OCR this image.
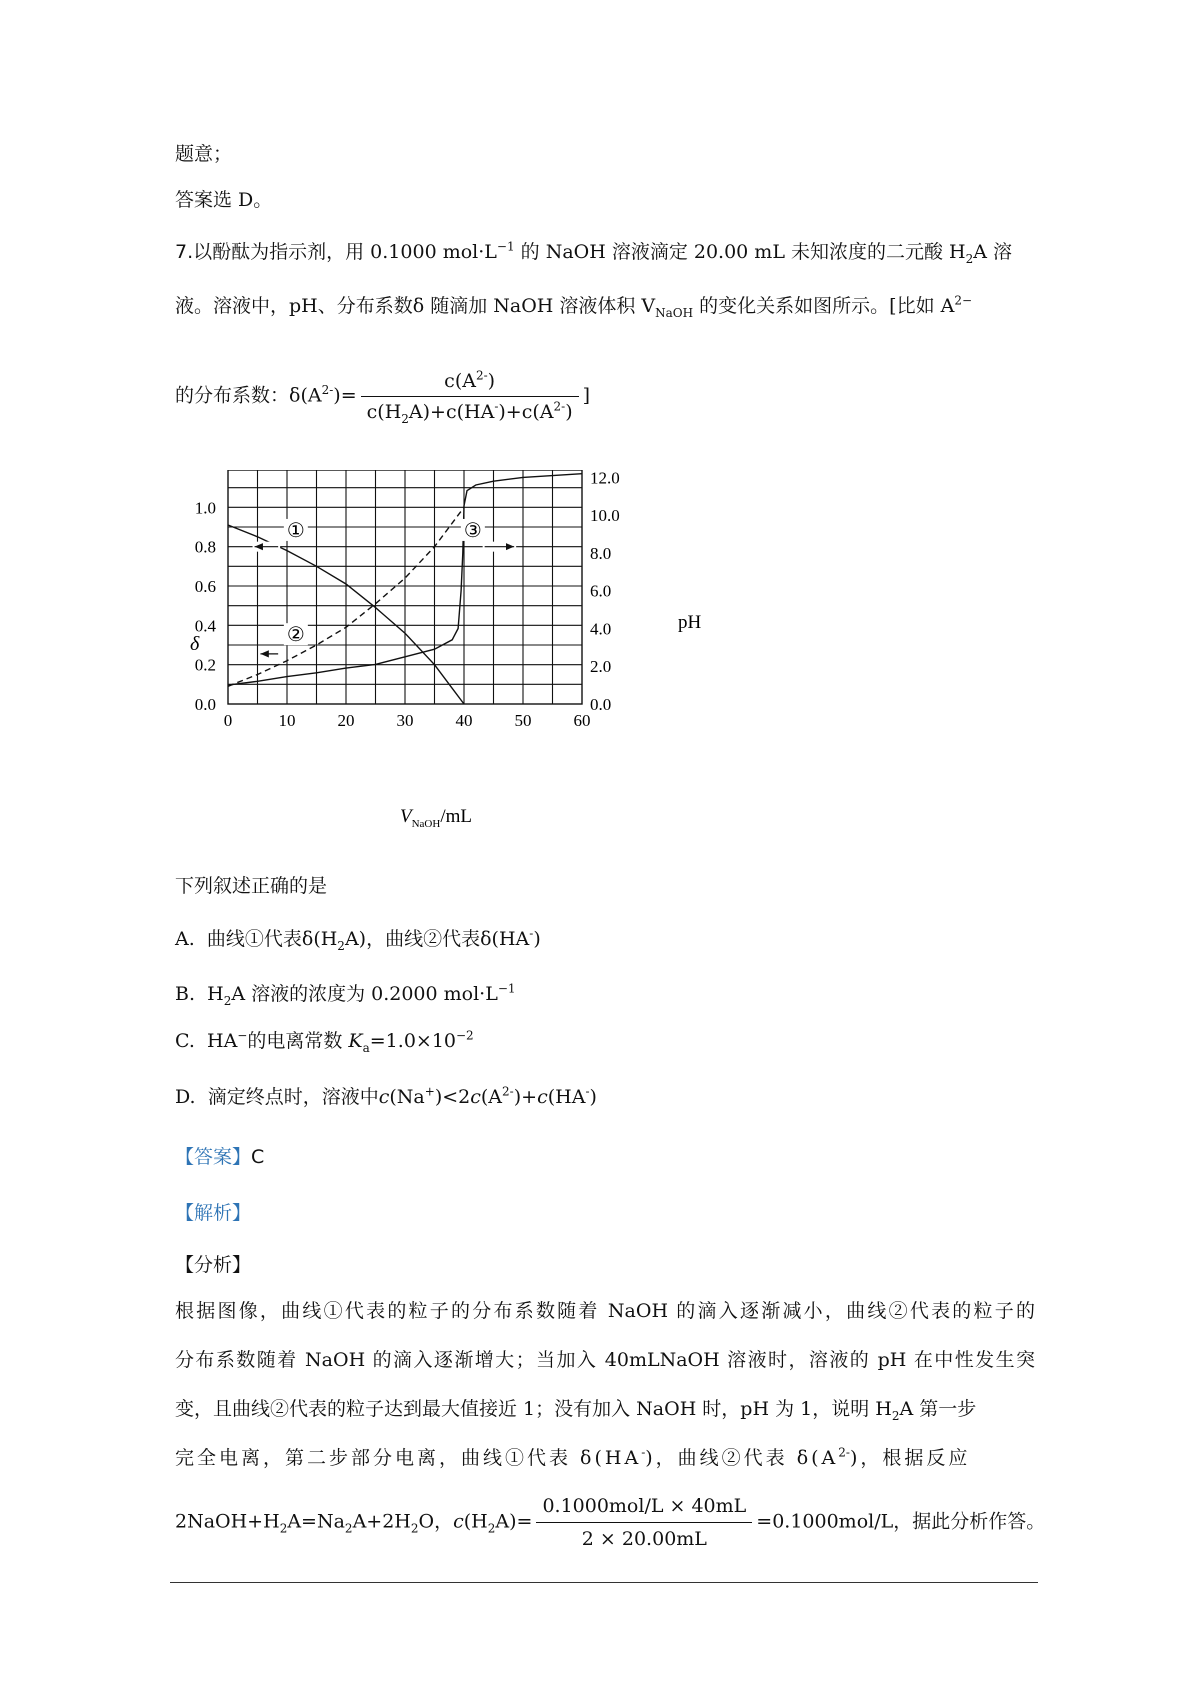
题意；
答案选 D。
7.以酚酞为指示剂，用 0.1000 $mol\cdot L^{-1}$ 的 NaOH 溶液滴定 20.00 mL 未知浓度的二元酸 $H_2A$ 溶
液。溶液中，pH、分布系数δ 随滴加 NaOH 溶液体积 $V_{NaOH}$ 的变化关系如图所示。[比如 $A^{2-}$
的分布系数：$\delta(A^{2-})= \frac{c(A^{2-})}{c(H_2A)+c(HA^-)+c(A^{2-})}$ ]
0	10 20 30 40 50 60
0.0
0.2
0.4
0.6
0.8
1.0
0.0
2.0
4.0
6.0
8.0
10.0
12.0
①
②
③
δ
pH
$V_{NaOH}/mL$
下列叙述正确的是
A. 曲线①代表$\delta(H_2A)$，曲线②代表δ(HA-)
B. $H_2A$ 溶液的浓度为 0.2000 $mol\cdot L^{-1}$
C. HA−的电离常数 $K_a=1.0\times 10^{-2}$
D. 滴定终点时，溶液中$c(Na^+)<2c(A^{2-})+c(HA^-)$
【答案】C
【解析】
【分析】
根据图像，曲线①代表的粒子的分布系数随着 NaOH 的滴入逐渐减小，曲线②代表的粒子的
分布系数随着 NaOH 的滴入逐渐增大；当加入 40mLNaOH 溶液时，溶液的 pH 在中性发生突
变，且曲线②代表的粒子达到最大值接近 1；没有加入 NaOH 时，pH 为 1，说明 $H_2A$ 第一步
完全电离，第二步部分电离，曲线①代表 δ(HA-)，曲线②代表 $\delta(A^{2-})$，根据反应
$2NaOH+H_2A=Na_2A+2H_2O$，$c(H_2A)= \frac{\text{0.1000mol/L × 40mL}}{2 \times 20.00mL} =0.1000mol/L$，据此分析作答。
